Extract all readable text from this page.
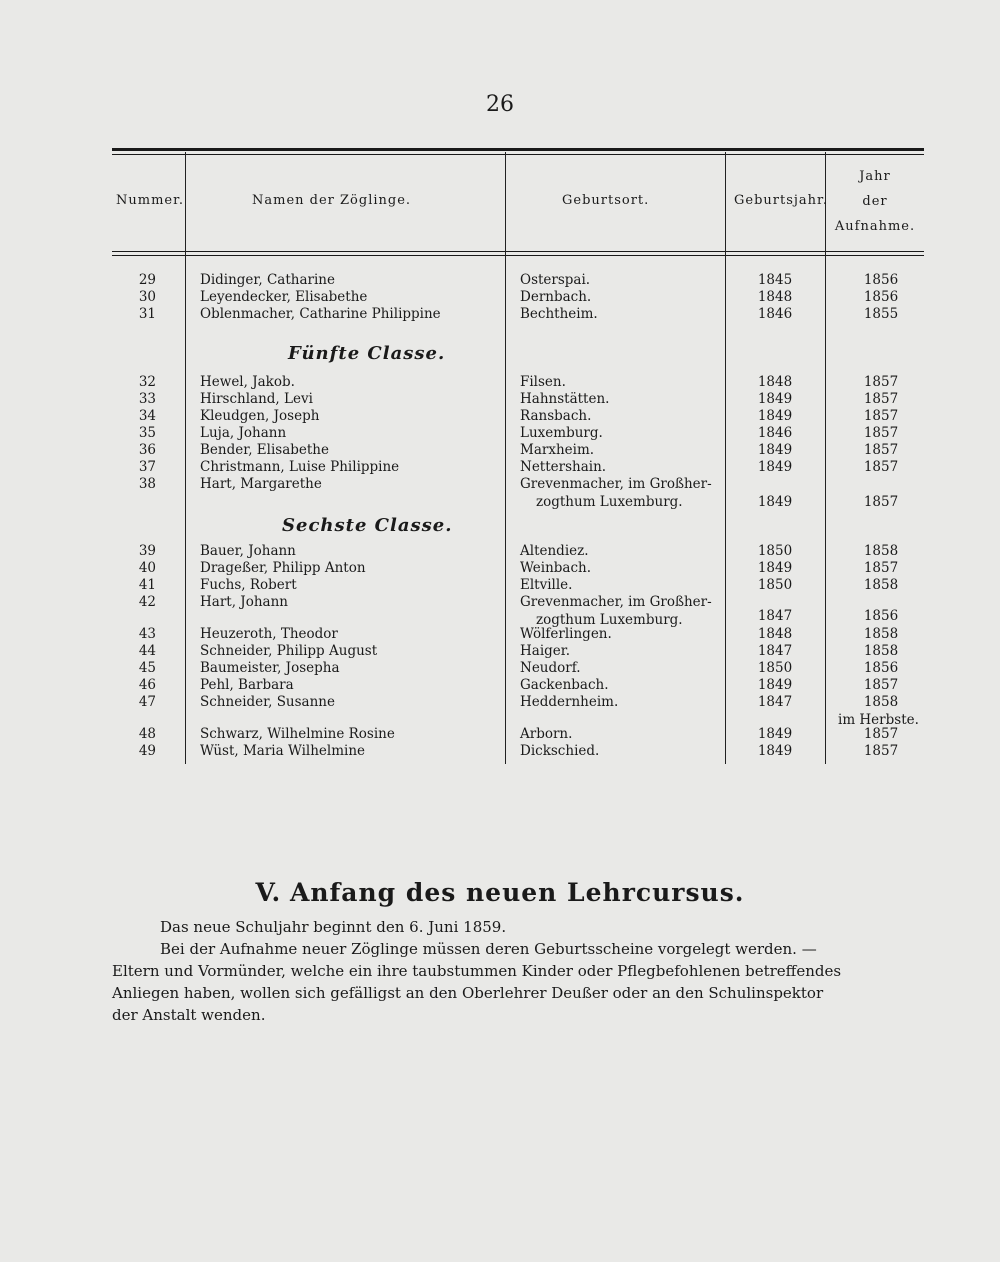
26
Nummer.	Namen der Zöglinge.	Geburtsort.	Geburtsjahr.
Jahr
der
Aufnahme.
29	Didinger, Catharine	Osterspai.	1845	1856
30	Leyendecker, Elisabethe	Dernbach.	1848	1856
31	Oblenmacher, Catharine Philippine	Bechtheim.	1846	1855
Fünfte Classe.
32	Hewel, Jakob.	Filsen.	1848	1857
33	Hirschland, Levi	Hahnstätten.	1849	1857
34	Kleudgen, Joseph	Ransbach.	1849	1857
35	Luja, Johann	Luxemburg.	1846	1857
36	Bender, Elisabethe	Marxheim.	1849	1857
37	Christmann, Luise Philippine	Nettershain.	1849	1857
38	Hart, Margarethe	Grevenmacher, im Großher-
zogthum Luxemburg.	1849	1857
Sechste Classe.
39	Bauer, Johann	Altendiez.	1850	1858
40	Drageßer, Philipp Anton	Weinbach.	1849	1857
41	Fuchs, Robert	Eltville.	1850	1858
42	Hart, Johann	Grevenmacher, im Großher-
zogthum Luxemburg.	1847	1856
43	Heuzeroth, Theodor	Wölferlingen.	1848	1858
44	Schneider, Philipp August	Haiger.	1847	1858
45	Baumeister, Josepha	Neudorf.	1850	1856
46	Pehl, Barbara	Gackenbach.	1849	1857
47	Schneider, Susanne	Heddernheim.	1847	1858
im Herbste.
48	Schwarz, Wilhelmine Rosine	Arborn.	1849	1857
49	Wüst, Maria Wilhelmine	Dickschied.	1849	1857
V. Anfang des neuen Lehrcursus.
Das neue Schuljahr beginnt den 6. Juni 1859.
Bei der Aufnahme neuer Zöglinge müssen deren Geburtsscheine vorgelegt werden. —
Eltern und Vormünder, welche ein ihre taubstummen Kinder oder Pflegbefohlenen betreffendes
Anliegen haben, wollen sich gefälligst an den Oberlehrer Deußer oder an den Schulinspektor
der Anstalt wenden.
